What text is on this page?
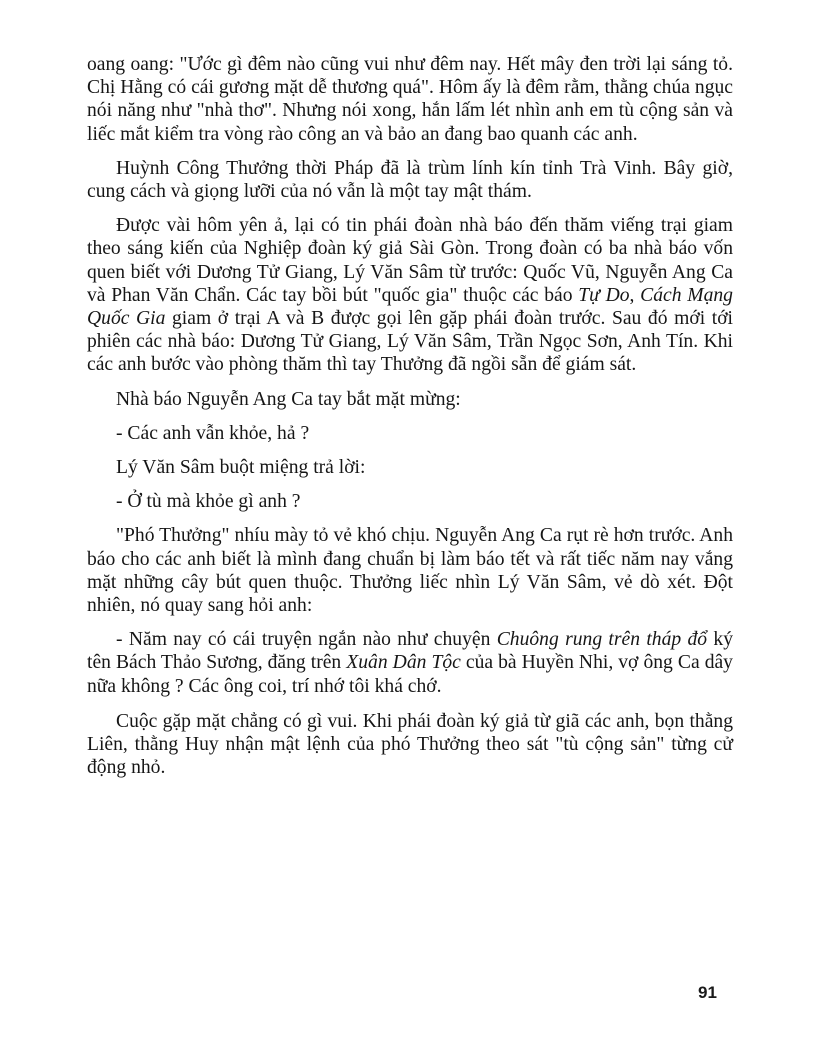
oang oang: "Ước gì đêm nào cũng vui như đêm nay. Hết mây đen trời lại sáng tỏ. Chị Hằng có cái gương mặt dễ thương quá". Hôm ấy là đêm rằm, thằng chúa ngục nói năng như "nhà thơ". Nhưng nói xong, hắn lấm lét nhìn anh em tù cộng sản và liếc mắt kiểm tra vòng rào công an và bảo an đang bao quanh các anh.

Huỳnh Công Thưởng thời Pháp đã là trùm lính kín tỉnh Trà Vinh. Bây giờ, cung cách và giọng lưỡi của nó vẫn là một tay mật thám.

Được vài hôm yên ả, lại có tin phái đoàn nhà báo đến thăm viếng trại giam theo sáng kiến của Nghiệp đoàn ký giả Sài Gòn. Trong đoàn có ba nhà báo vốn quen biết với Dương Tử Giang, Lý Văn Sâm từ trước: Quốc Vũ, Nguyễn Ang Ca và Phan Văn Chẩn. Các tay bồi bút "quốc gia" thuộc các báo Tự Do, Cách Mạng Quốc Gia giam ở trại A và B được gọi lên gặp phái đoàn trước. Sau đó mới tới phiên các nhà báo: Dương Tử Giang, Lý Văn Sâm, Trần Ngọc Sơn, Anh Tín. Khi các anh bước vào phòng thăm thì tay Thưởng đã ngồi sẵn để giám sát.

Nhà báo Nguyễn Ang Ca tay bắt mặt mừng:

- Các anh vẫn khỏe, hả ?

Lý Văn Sâm buột miệng trả lời:

- Ở tù mà khỏe gì anh ?

"Phó Thưởng" nhíu mày tỏ vẻ khó chịu. Nguyễn Ang Ca rụt rè hơn trước. Anh báo cho các anh biết là mình đang chuẩn bị làm báo tết và rất tiếc năm nay vắng mặt những cây bút quen thuộc. Thưởng liếc nhìn Lý Văn Sâm, vẻ dò xét. Đột nhiên, nó quay sang hỏi anh:

- Năm nay có cái truyện ngắn nào như chuyện Chuông rung trên tháp đổ ký tên Bách Thảo Sương, đăng trên Xuân Dân Tộc của bà Huyền Nhi, vợ ông Ca dây nữa không ? Các ông coi, trí nhớ tôi khá chớ.

Cuộc gặp mặt chẳng có gì vui. Khi phái đoàn ký giả từ giã các anh, bọn thằng Liên, thằng Huy nhận mật lệnh của phó Thưởng theo sát "tù cộng sản" từng cử động nhỏ.

91
